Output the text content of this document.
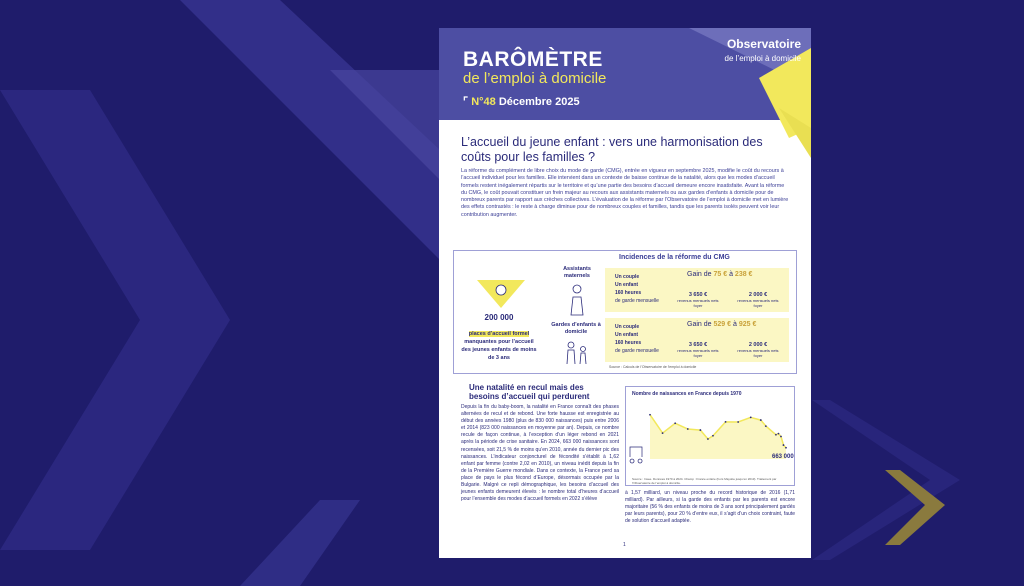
BARÔMÈTRE
de l’emploi à domicile
⌜ N°48 Décembre 2025
Observatoire
de l’emploi à domicile
L’accueil du jeune enfant : vers une harmonisation des coûts pour les familles ?
La réforme du complément de libre choix du mode de garde (CMG), entrée en vigueur en septembre 2025, modifie le coût du recours à l’accueil individuel pour les familles. Elle intervient dans un contexte de baisse continue de la natalité, alors que les modes d’accueil formels restent inégalement répartis sur le territoire et qu’une partie des besoins d’accueil demeure encore insatisfaite. Avant la réforme du CMG, le coût pouvait constituer un frein majeur au recours aux assistants maternels ou aux gardes d’enfants à domicile pour de nombreux parents par rapport aux crèches collectives. L’évaluation de la réforme par l’Observatoire de l’emploi à domicile met en lumière des effets contrastés : le reste à charge diminue pour de nombreux couples et familles, tandis que les parents isolés peuvent voir leur contribution augmenter.
Incidences de la réforme du CMG
200 000
places d’accueil formel manquantes pour l’accueil des jeunes enfants de moins de 3 ans
Assistants maternels
Gardes d’enfants à domicile
Un couple
Un enfant
160 heures
de garde mensuelle
Gain de 75 € à 238 €
3 650 €
revenus mensuels nets foyer
2 000 €
revenus mensuels nets foyer
Un couple
Un enfant
160 heures
de garde mensuelle
Gain de 529 € à 925 €
3 650 €
revenus mensuels nets foyer
2 000 €
revenus mensuels nets foyer
Source : Calculs de l’Observatoire de l’emploi à domicile
Une natalité en recul mais des besoins d’accueil qui perdurent
Depuis la fin du baby-boom, la natalité en France connaît des phases alternées de recul et de rebond. Une forte hausse est enregistrée au début des années 1980 (plus de 830 000 naissances) puis entre 2006 et 2014 (823 000 naissances en moyenne par an). Depuis, ce nombre recule de façon continue, à l’exception d’un léger rebond en 2021 après la période de crise sanitaire. En 2024, 663 000 naissances sont recensées, soit 21,5 % de moins qu’en 2010, année du dernier pic des naissances. L’indicateur conjoncturel de fécondité s’établit à 1,62 enfant par femme (contre 2,02 en 2010), un niveau inédit depuis la fin de la Première Guerre mondiale. Dans ce contexte, la France perd sa place de pays le plus fécond d’Europe, désormais occupée par la Bulgarie. Malgré ce repli démographique, les besoins d’accueil des jeunes enfants demeurent élevés : le nombre total d’heures d’accueil pour l’ensemble des modes d’accueil formels en 2022 s’élève
à 1,57 milliard, un niveau proche du record historique de 2016 (1,71 milliard). Par ailleurs, si la garde des enfants par les parents est encore majoritaire (56 % des enfants de moins de 3 ans sont principalement gardés par leurs parents), pour 20 % d’entre eux, il s’agit d’un choix contraint, faute de solution d’accueil adaptée.
Nombre de naissances en France depuis 1970
663 000
Source : Insee. Données 1970 à 2024. Champ : France entière (hors Mayotte jusqu’en 2013). Traitement par l’Observatoire de l’emploi à domicile.
1
